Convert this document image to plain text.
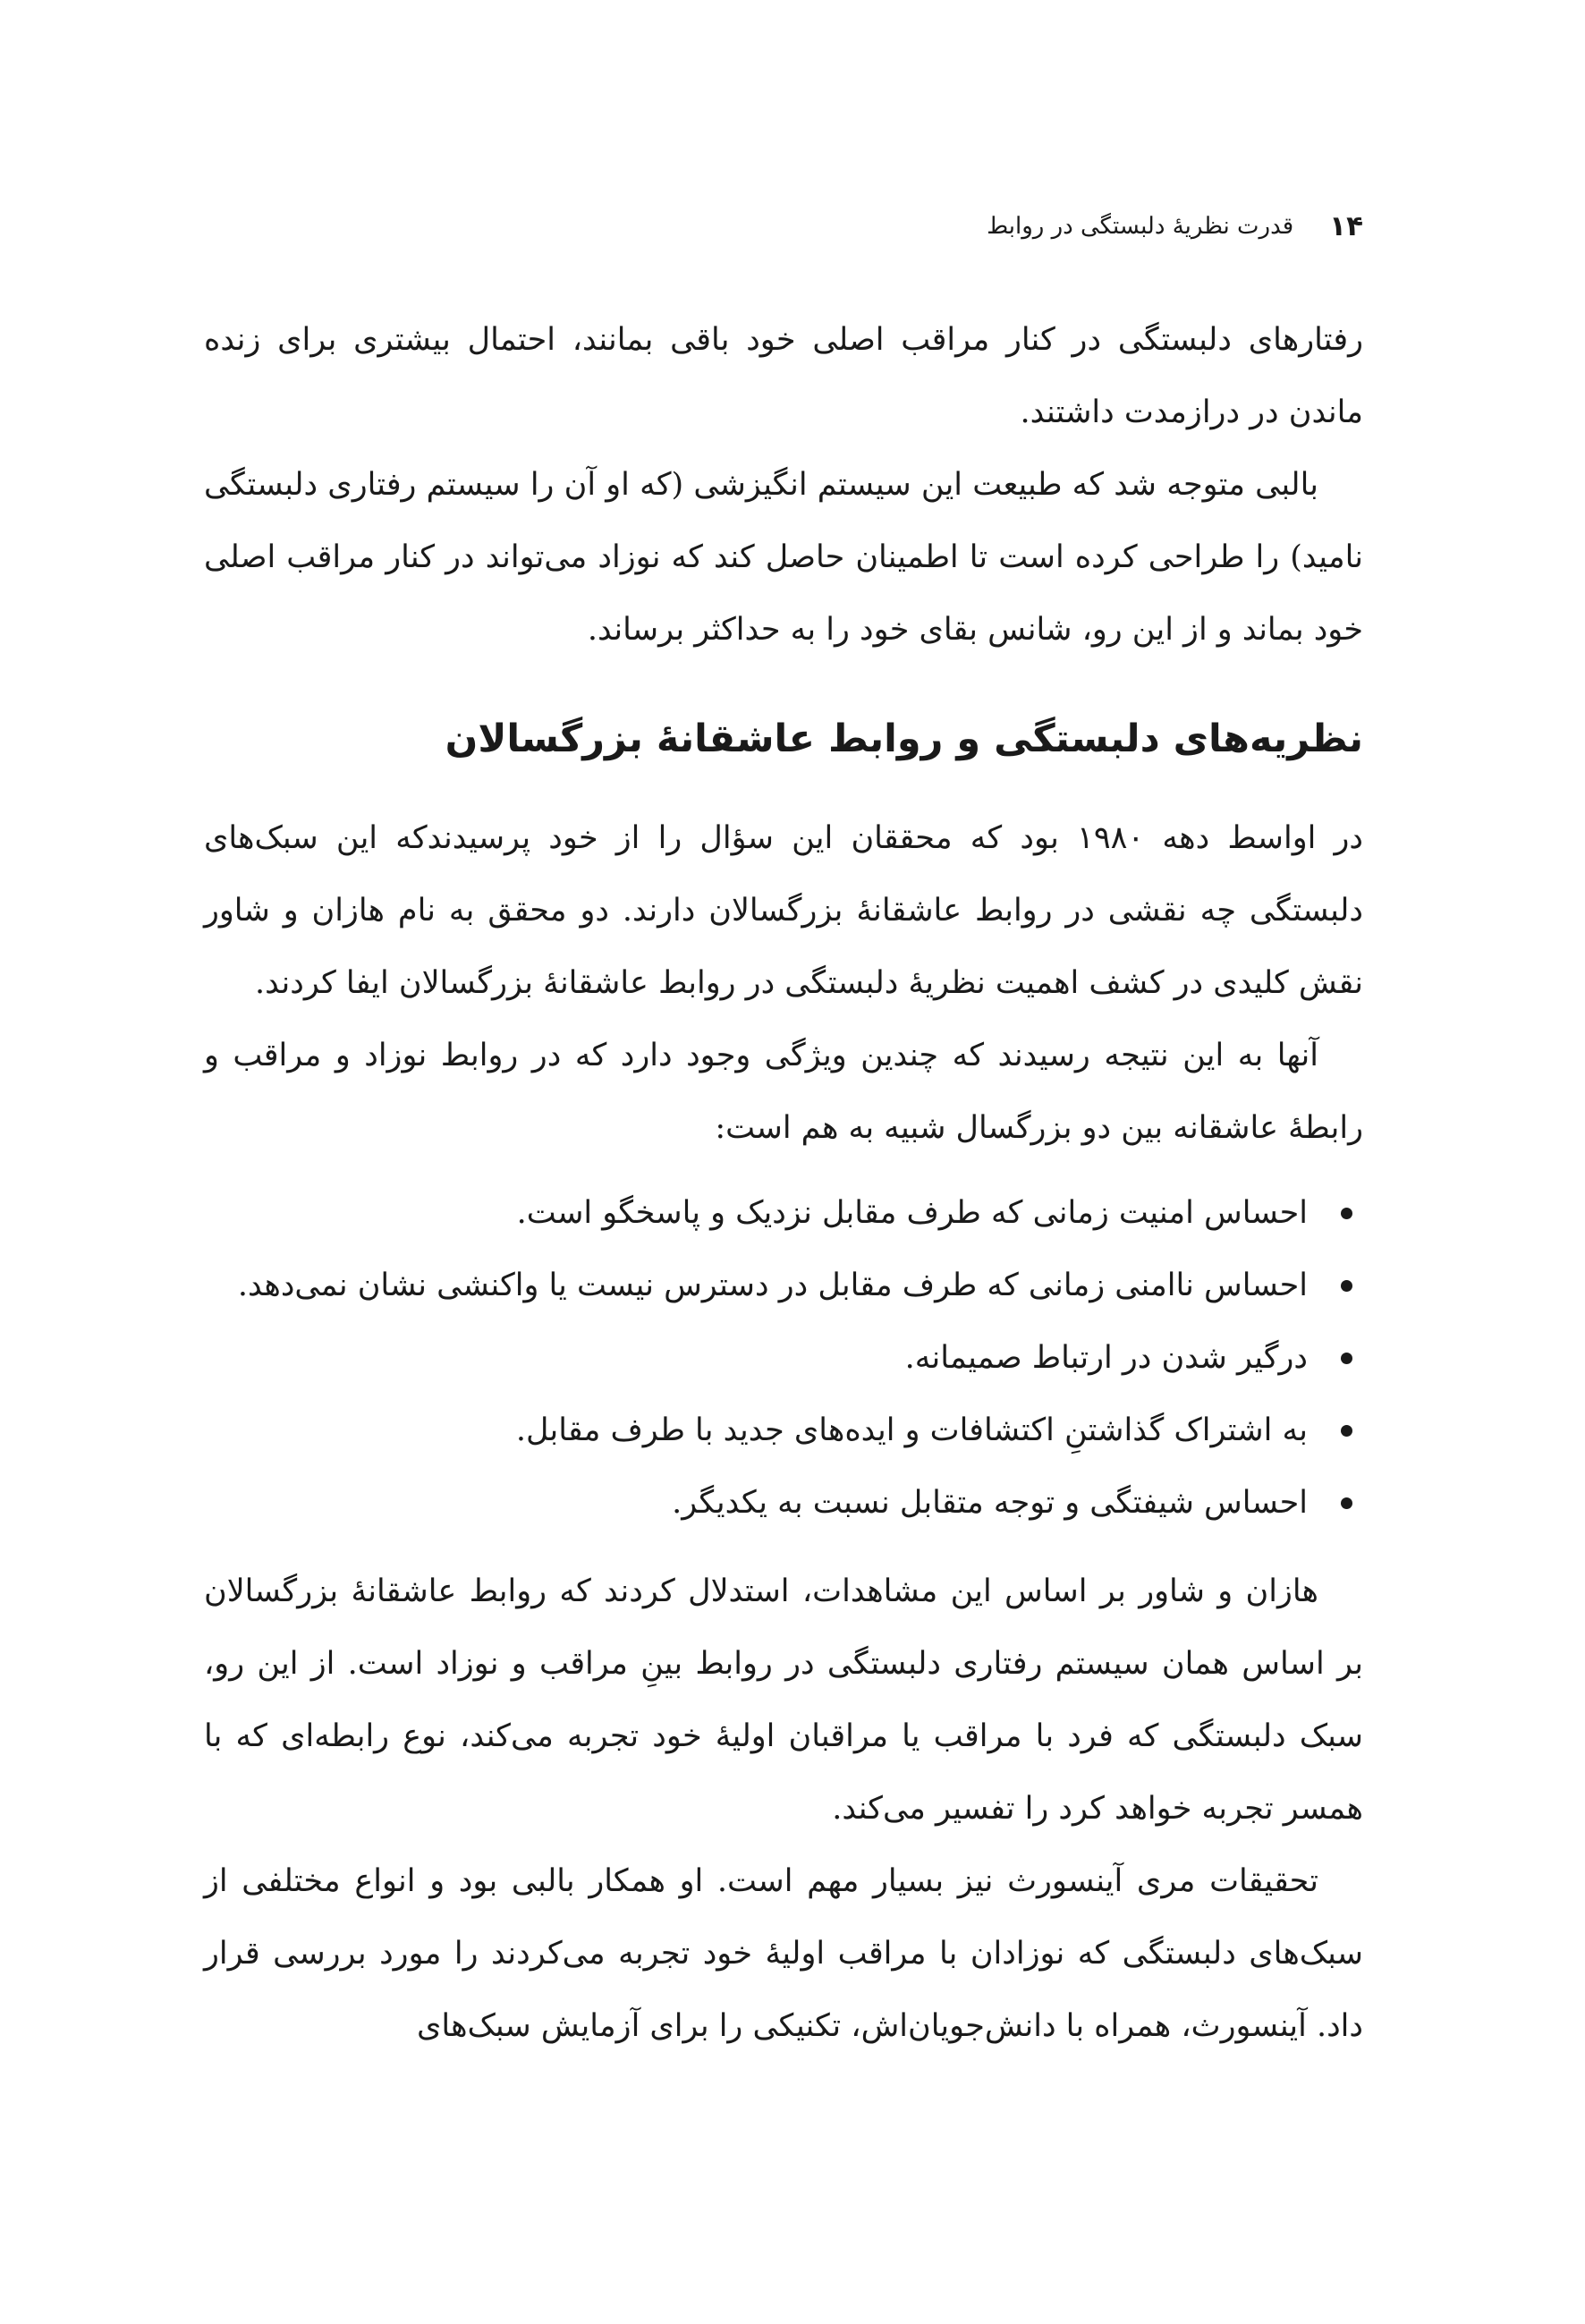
۱۴
قدرت نظریهٔ دلبستگی در روابط

رفتارهای دلبستگی در کنار مراقب اصلی خود باقی بمانند، احتمال بیشتری برای زنده ماندن در درازمدت داشتند.

بالبی متوجه شد که طبیعت این سیستم انگیزشی (که او آن را سیستم رفتاری دلبستگی نامید) را طراحی کرده است تا اطمینان حاصل کند که نوزاد می‌تواند در کنار مراقب اصلی خود بماند و از این رو، شانس بقای خود را به حداکثر برساند.

نظریه‌های دلبستگی و روابط عاشقانهٔ بزرگسالان

در اواسط دهه ۱۹۸۰ بود که محققان این سؤال را از خود پرسیدندکه این سبک‌های دلبستگی چه نقشی در روابط عاشقانهٔ بزرگسالان دارند. دو محقق به نام هازان و شاور نقش کلیدی در کشف اهمیت نظریهٔ دلبستگی در روابط عاشقانهٔ بزرگسالان ایفا کردند.

آنها به این نتیجه رسیدند که چندین ویژگی وجود دارد که در روابط نوزاد و مراقب و رابطهٔ عاشقانه بین دو بزرگسال شبیه به هم است:

احساس امنیت زمانی که طرف مقابل نزدیک و پاسخگو است.
احساس ناامنی زمانی که طرف مقابل در دسترس نیست یا واکنشی نشان نمی‌دهد.
درگیر شدن در ارتباط صمیمانه.
به اشتراک گذاشتنِ اکتشافات و ایده‌های جدید با طرف مقابل.
احساس شیفتگی و توجه متقابل نسبت به یکدیگر.

هازان و شاور بر اساس این مشاهدات، استدلال کردند که روابط عاشقانهٔ بزرگسالان بر اساس همان سیستم رفتاری دلبستگی در روابط بینِ مراقب و نوزاد است. از این رو، سبک دلبستگی که فرد با مراقب یا مراقبان اولیهٔ خود تجربه می‌کند، نوع رابطه‌ای که با همسر تجربه خواهد کرد را تفسیر می‌کند.

تحقیقات مری آینسورث نیز بسیار مهم است. او همکار بالبی بود و انواع مختلفی از سبک‌های دلبستگی که نوزادان با مراقب اولیهٔ خود تجربه می‌کردند را مورد بررسی قرار داد. آینسورث، همراه با دانش‌جویان‌اش، تکنیکی را برای آزمایش سبک‌های
